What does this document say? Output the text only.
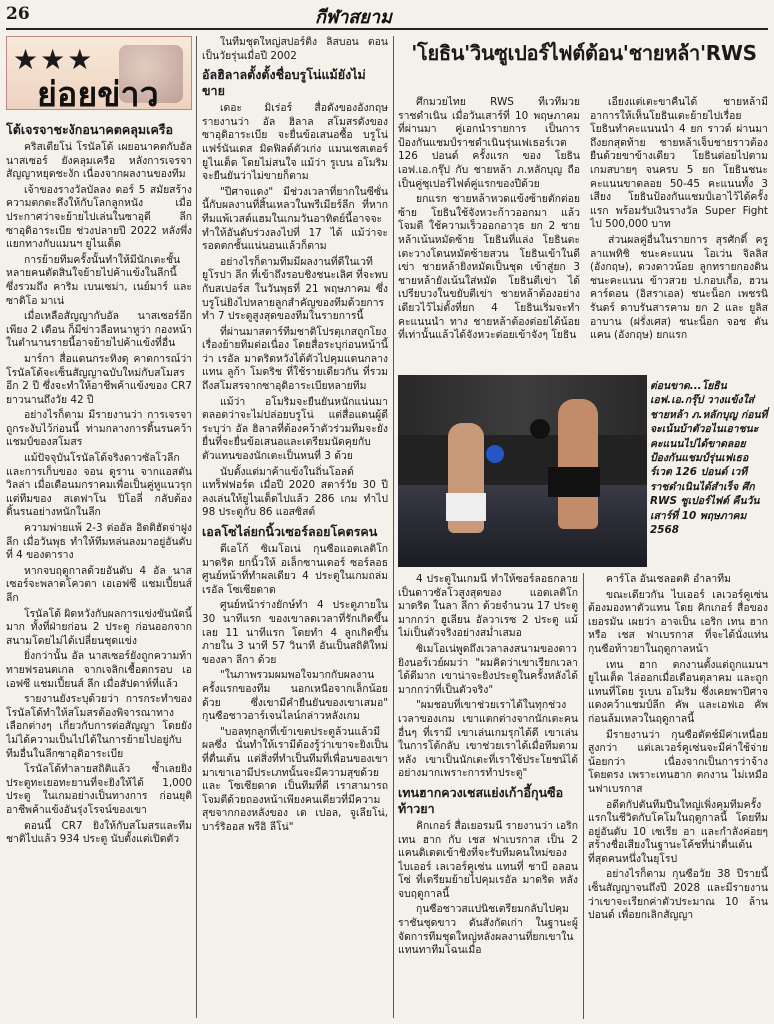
26	กีฬาสยาม
★★★
ย่อยข่าว
โต้เจรจาชะงักอนาคตคลุมเครือ

คริสเตียโน่ โรนัลโด้ เผยอนาคตกับอัล นาสเซอร์ ยังคลุมเครือ หลังการเจรจาสัญญาหยุดชะงัก เนื่องจากผลงานของทีม

เจ้าของรางวัลบัลลง ดอร์ 5 สมัยสร้างความตกตะลึงให้กับโลกลูกหนัง เมื่อประกาศว่าจะย้ายไปเล่นในซาอุดี ลีก ซาอุดิอาระเบีย ช่วงปลายปี 2022 หลังพึ่งแยกทางกับแมนฯ ยูไนเต็ด

การย้ายทีมครั้งนั้นทำให้มีนักเตะชั้นหลายคนตัดสินใจย้ายไปค้าแข้งในลีกนี้ ซึ่งรวมถึง คาริม เบนเซม่า, เนย์มาร์ และ ซาดิโอ มาเน่

เมื่อเหลือสัญญากับอัล นาสเซอร์อีกเพียง 2 เดือน ก็มีข่าวลือหนาหูว่า กองหน้าในตำนานรายนี้อาจย้ายไปค้าแข้งที่อื่น

มาร์กา สื่อแดนกระทิงดุ คาดการณ์ว่า โรนัลโด้จะเซ็นสัญญาฉบับใหม่กับสโมสรอีก 2 ปี ซึ่งจะทำให้อาชีพค้าแข้งของ CR7 ยาวนานถึงวัย 42 ปี

อย่างไรก็ตาม มีรายงานว่า การเจรจาถูกระงับไว้ก่อนนี้ ท่ามกลางการดิ้นรนคว้าแชมป์ของสโมสร

แม้ปัจจุบันโรนัลโด้จริงดาวซัลโวลีกและการเก็บของ จอน ดูราน จากแอสตัน วิลล่า เมื่อเดือนมกราคมเพื่อเป็นคู่หูแนวรุก แต่ทีมของ สเตฟาโน ปิโอลี่ กลับต้องดิ้นรนอย่างหนักในลีก

ความพ่ายแพ้ 2-3 ต่ออัล อิตติฮัดจ่าฝูงลีก เมื่อวันพุธ ทำให้ทีมหล่นลงมาอยู่อันดับที่ 4 ของตาราง

หากจบฤดูกาลด้วยอันดับ 4 อัล นาสเซอร์จะพลาดโควตา เอเอฟซี แชมเปี้ยนส์ ลีก

โรนัลโด้ ผิดหวังกับผลการแข่งขันนัดนี้มาก ทั้งที่ฝ่ายก่อน 2 ประตู ก่อนออกจากสนามโดยไม่ได้เปลี่ยนชุดแข่ง

ยิ่งกว่านั้น อัล นาสเซอร์ยังถูกความท้าทายฟรอนตเกล จากเจลิกเชื้อตกรอบ เอเอฟซี แชมเปี้ยนส์ ลีก เมื่อสัปดาห์ที่แล้ว

รายงานยังระบุด้วยว่า การกระทำของโรนัลโด้ทำให้สโมสรต้องพิจารณาทางเลือกต่างๆ เกี่ยวกับการต่อสัญญา โดยยังไม่ได้ความเป็นไปได้ในการย้ายไปอยู่กับทีมอื่นในลีกซาอุดิอาระเบีย

โรนัลโด้ทำลายสถิติแล้ว ซ้ำเลยยิงประตูทะเยอทะยานที่จะยิงให้ได้ 1,000 ประตู ในเกมอย่างเป็นทางการ ก่อนยุติอาชีพค้าแข้งอันรุ่งโรจน์ของเขา

ตอนนี้ CR7 ยิงให้กับสโมสรและทีมชาติไปแล้ว 934 ประตู นับตั้งแต่เปิดตัว

ในทีมชุดใหญ่สปอร์ติ้ง ลิสบอน ตอนเป็นวัยรุ่นเมื่อปี 2002

อัลฮิลาลตั้งตั้งชื่อบรูโน่แม้ยังไม่ขาย

เดอะ มิเร่อร์ สื่อดังของอังกฤษ รายงานว่า อัล ฮิลาล สโมสรดังของซาอุดิอาระเบีย จะยื่นข้อเสนอซื้อ บรูโน่ แฟร์นันเดส มิดฟิลด์ตัวเก่ง แมนเชสเตอร์ ยูไนเต็ด โดยไม่สนใจ แม้ว่า รูเบน อโมริม จะยืนยันว่าไม่ขายก็ตาม

"ปีศาจแดง" มีช่วงเวลาที่ยากในซีซั่นนี้กับผลงานที่สิ้นเหลวในพรีเมียร์ลีก ที่หากทีมแพ้เวสต์แฮมในเกมวันอาทิตย์นี้อาจจะทำให้อันดับร่วงลงไปที่ 17 ได้ แม้ว่าจะรอดตกชั้นแน่นอนแล้วก็ตาม

อย่างไรก็ตามทีมมีผลงานที่ดีในเวทียูโรปา ลีก ที่เข้าถึงรอบชิงชนะเลิศ ที่จะพบกับสเปอร์ส ในวันพุธที่ 21 พฤษภาคม ซึ่งบรูโน่ยิงไปหลายลูกสำคัญของทีมด้วยการทำ 7 ประตูสูงสุดของทีมในรายการนี้

ที่ผ่านมาสตาร์ทีมชาติโปรตุเกสถูกโยงเรื่องย้ายทีมต่อเนื่อง โดยสื่อระบุก่อนหน้านี้ว่า เรอัล มาดริดหวังได้ตัวไปคุมแดนกลางแทน ลูก้า โมดริช ที่ใช้รายเดียวกัน ที่รวมถึงสโมสรจากซาอุดิอาระเบียหลายทีม

แม้ว่า อโมริมจะยืนยันหนักแน่นมาตลอดว่าจะไม่ปล่อยบรูโน่ แต่สื่อแดนผู้ดีระบุว่า อัล ฮิลาลที่ต้องคว้าตัวร่วมทีมจะยังยื่นที่จะยื่นข้อเสนอและเตรียมนัดคุยกับตัวแทนของนักเตะเป็นหนที่ 3 ด้วย

นับตั้งแต่มาค้าแข้งในถิ่นโอลด์ แทร็ฟฟอร์ด เมื่อปี 2020 สตาร์วัย 30 ปี ลงเล่นให้ยูไนเต็ดไปแล้ว 286 เกม ทำไป 98 ประตูกับ 86 แอสซิสต์

เอลโซไล่ยกนิ้วเซอร์ลอยโคตรคน

ดีเอโก้ ซิเมโอเน่ กุนซือแอตเลติโก มาดริด ยกนิ้วให้ อเล็กซานเดอร์ ซอร์ลอธ ศูนย์หน้าที่ทำผลเดียว 4 ประตูในเกมถล่ม เรอัล โซเซียดาด

ศูนย์หน้าร่างยักษ์ทำ 4 ประตูภายใน 30 นาทีแรก ของเขาลดเวลาที่รักเกิดขึ้นเลย 11 นาทีแรก โดยทำ 4 ลูกเกิดขึ้นภายใน 3 นาที 57 วินาที อันเป็นสถิติใหม่ของลา ลีกา ด้วย

"ในภาพรวมผมพอใจมากกับผลงานครั้งแรกของทีม นอกเหนือจากเล็กน้อยด้วย ซึ่งเขามีคำยืนยันของเขาเสมอ" กุนซือชาวอาร์เจนไลน์กล่าวหลังเกม

"บอลทุกลูกที่เข้าเขตประตูล้วนแล้วมีผลซึ่ง นั่นทำให้เรามีต้องรู้ว่าเขาจะยิงเป็นที่ตื่นเต้น แต่สิ่งที่ทำเป็นทีมที่เพื่อนของเขามาเขาเอามีประเภทนั้นจะมีความสุขด้วยและ โซเซียดาด เป็นทีมที่ดี เราสามารถโจมตีด้วยถองหน้าเพียงคนเดียวที่มีความสุขจากกองหลังของ เด เปอล, จูเลียโน่, บาร์ริออส พรีอิ ลีโน่"

'โยธิน'วินซูเปอร์ไฟต์ต้อน'ชายหล้า'RWS

ศึกมวยไทย RWS ที่เวทีมวยราชดำเนิน เมื่อวันเสาร์ที่ 10 พฤษภาคม ที่ผ่านมา คู่เอกนำรายการ เป็นการป้องกันแชมป์ราชดำเนินรุ่นเฟเธอร์เวต 126 ปอนด์ ครั้งแรก ของ โยธิน เอฟ.เอ.กรุ๊ป กับ ชายหล้า ภ.หลักบุญ ถือเป็นคู่ซุเปอร์ไฟต์คู่แรกของปีด้วย

ยกแรก ชายหล้าหวดแข้งซ้ายตักต่อยซ้าย โยธินใช้จังหวะก้าวออกมา แล้วโจมตี ใช้ความเร็วออกอาวุธ ยก 2 ชายหล้าเน้นหมัดซ้าย โยธินที่แล่ง โยธินตะเตะวางโดนหมัดซ้ายสวน โยธินเข้าในดีเข่า ชายหล้ายิงหมัดเป็นชุด เข้าสู่ยก 3 ชายหล้ายังเน้นใส่หมัด โยธินตีเข่า ได้เปรียบวงในขยับตีเข่า ชายหล้าต้องอย่างเดียวไว้ไม่ตั้งที่ยก 4 โยธินเริ่มจะทำคะแนนนำ ทาง ชายหล้าต้องต่อยได้น้อยที่เท่านั้นแล้วได้จังหวะต่อยเข้าจังๆ โยธิน

เอี้ยงแต่เตะขาคืนได้ ชายหล้ามีอาการให้เห็นโยธินเตะย้ายไปเรื่อย โยธินทำคะแนนนำ 4 ยก ราวด์ ผ่านมาถึงยกสุดท้าย ชายหล้าเจ็บชายราวต้องยืนด้วยขาข้างเดียว โยธินต่อยไปตามเกมสบายๆ จนครบ 5 ยก โยธินชนะคะแนนขาดลอย 50-45 คะแนนทั้ง 3 เสียง โยธินป้องกันแชมป์เอาไว้ได้ครั้งแรก พร้อมรับเงินรางวัล Super Fight ไป 500,000 บาท

ส่วนผลคู่อื่นในรายการ สุรศักดิ์ ครูลาแพทิชิ ชนะคะแนน โอเว่น จิลลิส (อังกฤษ), ดวงดาวน้อย ลูกทรายกองดิน ชนะคะแนน ข้าวสวย ป.กอบเกื้อ, ฮวนคาร์ดอน (อิสราเอล) ชนะน็อก เพชรนิรันดร์ ดาบรันสารคาม ยก 2 และ ยูลิส อาบาน (ฝรั่งเศส) ชนะน็อก จอช ดันแคน (อังกฤษ) ยกแรก

ต่อนขาด...โยธิน เอฟ.เอ.กรุ๊ป วางแข้งใส่ชายหล้า ภ.หลักบุญ ก่อนที่จะเน้นบ้าตัวอไนเอาชนะคะแนนไปได้ขาดลอย ป้องกันแชมป์รุ่นเฟเธอร์เวต 126 ปอนด์ เวทีราชดำเนินได้สำเร็จ ศึก RWS ซูเปอร์ไฟต์ คืนวันเสาร์ที่ 10 พฤษภาคม 2568

4 ประตูในเกมนี้ ทำให้ซอร์ลอธกลายเป็นดาวซัลโวสูงสุดของ แอตเลติโก มาดริด ในลา ลีกา ด้วยจำนวน 17 ประตู มากกว่า ฮูเลียน อัลวาเรซ 2 ประตู แม้ไม่เป็นตัวจริงอย่างสม่ำเสมอ

ซิเมโอเน่พูดถึงเวลาลงสนามของดาวยิงนอร์เวย์ผมว่า "ผมคิดว่าเขาเรียกเวลาได้ดีมาก เขาน่าจะยิงประตูในครั้งหลังได้มากกว่าที่เป็นตัวจริง"

"ผมชอบที่เขาช่วยเราได้ในทุกช่วงเวลาของเกม เขาแตกต่างจากนักเตะคนอื่นๆ ที่เรามี เขาเล่นเกมรุกได้ดี เขาเล่นในการโต้กลับ เขาช่วยเราได้เมื่อทีมตามหลัง เขาเป็นนักเตะที่เราใช้ประโยชน์ได้อย่างมากเพราะการทำประตู"

เทนฮากควงเชสแย่งเก้าอี้กุนซือท้าวยา

คิกเกอร์ สื่อเยอรมนี รายงานว่า เอริก เทน ฮาก กับ เชส ฟาเบรกาส เป็น 2 แคนดิเดตเข้าชิงที่จะรับทีมคนใหม่ของไบเออร์ เลเวอร์คูเซ่น แทนที่ ชาบี อลอนโซ่ ที่เตรียมย้ายไปคุมเรอัล มาดริด หลังจบฤดูกาลนี้

กุนซือชาวสแปนิชเตรียมกลับไปคุมราชันชุดขาว ดันสังกัดเก่า ในฐานะผู้จัดการทีมชุดใหญ่หลังผลงานที่ยกเขาในแทนทาทีมโฉนเมื่อ

คาร์โล อันเชลอตติ อำลาทีม

ขณะเดียวกัน ไบเออร์ เลเวอร์คูเซ่นต้องมองหาตัวแทน โดย คิกเกอร์ สื่อของเยอรมัน เผยว่า อาจเป็น เอริก เทน ฮาก หรือ เชส ฟาเบรกาส ที่จะได้นั่งแท่นกุนซือท้าวยาในฤดูกาลหน้า

เทน ฮาก ตกงานตั้งแต่ถูกแมนฯ ยูไนเต็ด ไล่ออกเมื่อเดือนตุลาคม และถูกแทนที่โดย รูเบน อโมริม ซึ่งเคยพาปีศาจแดงคว้าแชมป์ลีก คัพ และเอฟเอ คัพ ก่อนล้มเหลวในฤดูกาลนี้

มีรายงานว่า กุนซือดัตช์มีค่าเหนื่อยสูงกว่า แต่เลเวอร์คูเซ่นจะมีค่าใช้จ่ายน้อยกว่า เนื่องจากเป็นการว่าจ้างโดยตรง เพราะเทนฮาก ตกงาน ไม่เหมือนฟาเบรกาส

อดีตกัปตันทีมปืนใหญ่เพิ่งคุมทีมครั้งแรกในชีวิตกับโคโมในฤดูกาลนี้ โดยทีมอยู่อันดับ 10 เซเรีย อา และกำลังค่อยๆ สร้างชื่อเสียงในฐานะโค้ชที่น่าตื่นเต้นที่สุดคนหนึ่งในยุโรป

อย่างไรก็ตาม กุนซือวัย 38 ปีรายนี้เซ็นสัญญาจนถึงปี 2028 และมีรายงานว่าเขาจะเรียกค่าตัวประมาณ 10 ล้านปอนด์ เพื่อยกเลิกสัญญา
